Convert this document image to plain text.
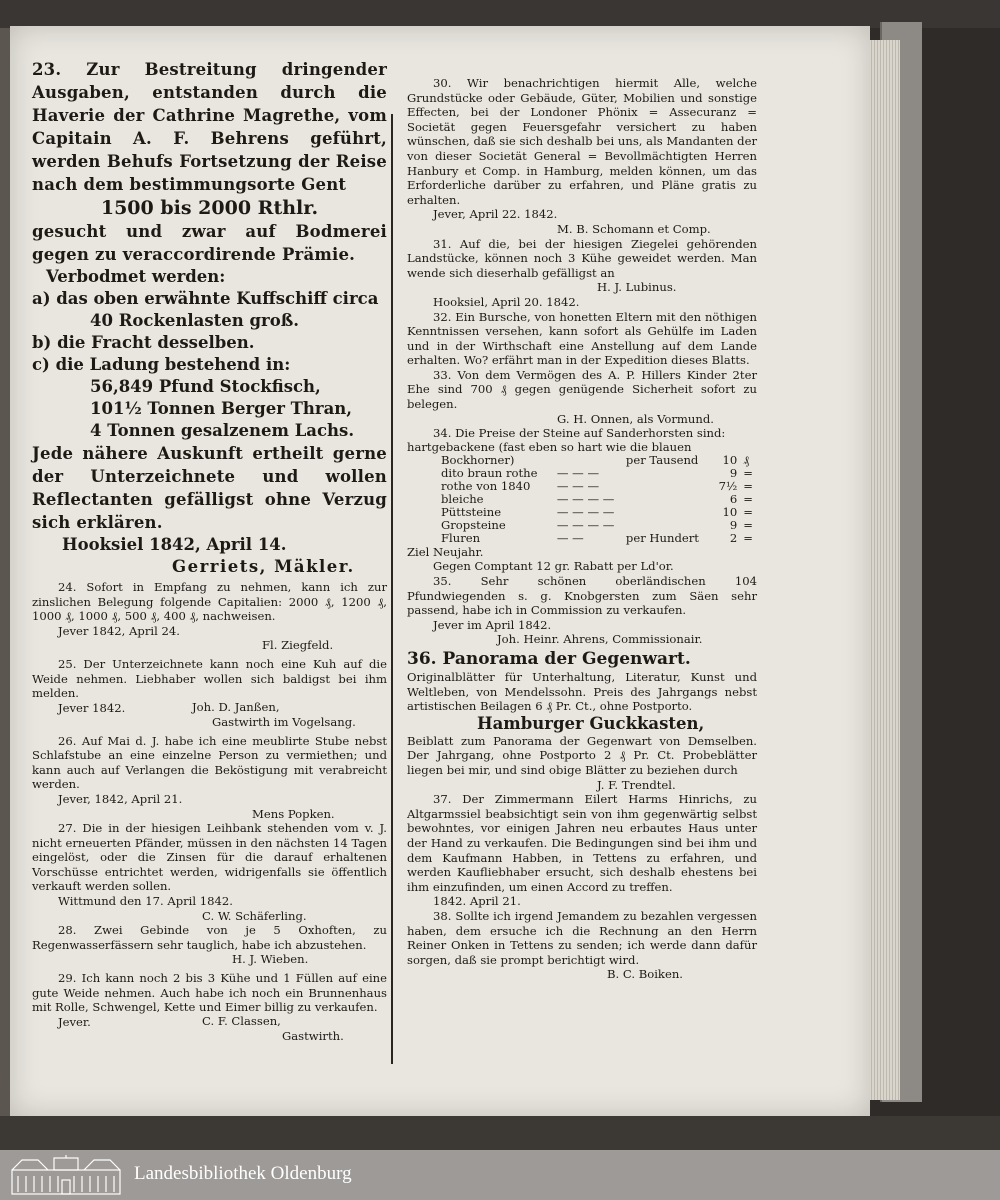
23. Zur Bestreitung dringender Ausgaben, entstanden durch die Haverie der Cathrine Magrethe, vom Capitain A. F. Behrens geführt, werden Behufs Fortsetzung der Reise nach dem bestimmungsorte Gent
1500 bis 2000 Rthlr.
gesucht und zwar auf Bodmerei gegen zu veraccordirende Prämie.
Verbodmet werden:
a) das oben erwähnte Kuffschiff circa
40 Rockenlasten groß.
b) die Fracht desselben.
c) die Ladung bestehend in:
56,849 Pfund Stockfisch,
101½ Tonnen Berger Thran,
4 Tonnen gesalzenem Lachs.
Jede nähere Auskunft ertheilt gerne der Unterzeichnete und wollen Reflectanten gefälligst ohne Verzug sich erklären.
Hooksiel 1842, April 14.
Gerriets, Mäkler.

24. Sofort in Empfang zu nehmen, kann ich zur zinslichen Belegung folgende Capitalien: 2000 ₰, 1200 ₰, 1000 ₰, 1000 ₰, 500 ₰, 400 ₰, nachweisen.

Jever 1842, April 24.

Fl. Ziegfeld.

25. Der Unterzeichnete kann noch eine Kuh auf die Weide nehmen. Liebhaber wollen sich baldigst bei ihm melden.

Jever 1842.	Joh. D. Janßen,

Gastwirth im Vogelsang.

26. Auf Mai d. J. habe ich eine meublirte Stube nebst Schlafstube an eine einzelne Person zu vermiethen; und kann auch auf Verlangen die Beköstigung mit verabreicht werden.

Jever, 1842, April 21.

Mens Popken.

27. Die in der hiesigen Leihbank stehenden vom v. J. nicht erneuerten Pfänder, müssen in den nächsten 14 Tagen eingelöst, oder die Zinsen für die darauf erhaltenen Vorschüsse entrichtet werden, widrigenfalls sie öffentlich verkauft werden sollen.

Wittmund den 17. April 1842.

C. W. Schäferling.

28. Zwei Gebinde von je 5 Oxhoften, zu Regenwasserfässern sehr tauglich, habe ich abzustehen.

H. J. Wieben.

29. Ich kann noch 2 bis 3 Kühe und 1 Füllen auf eine gute Weide nehmen. Auch habe ich noch ein Brunnenhaus mit Rolle, Schwengel, Kette und Eimer billig zu verkaufen.

Jever.	C. F. Classen,

Gastwirth.

30. Wir benachrichtigen hiermit Alle, welche Grundstücke oder Gebäude, Güter, Mobilien und sonstige Effecten, bei der Londoner Phönix = Assecuranz = Societät gegen Feuersgefahr versichert zu haben wünschen, daß sie sich deshalb bei uns, als Mandanten der von dieser Societät General = Bevollmächtigten Herren Hanbury et Comp. in Hamburg, melden können, um das Erforderliche darüber zu erfahren, und Pläne gratis zu erhalten.

Jever, April 22. 1842.

M. B. Schomann et Comp.

31. Auf die, bei der hiesigen Ziegelei gehörenden Landstücke, können noch 3 Kühe geweidet werden. Man wende sich dieserhalb gefälligst an

H. J. Lubinus.

Hooksiel, April 20. 1842.

32. Ein Bursche, von honetten Eltern mit den nöthigen Kenntnissen versehen, kann sofort als Gehülfe im Laden und in der Wirthschaft eine Anstellung auf dem Lande erhalten. Wo? erfährt man in der Expedition dieses Blatts.

33. Von dem Vermögen des A. P. Hillers Kinder 2ter Ehe sind 700 ₰ gegen genügende Sicherheit sofort zu belegen.

G. H. Onnen, als Vormund.

34. Die Preise der Steine auf Sanderhorsten sind:

hartgebackene (fast eben so hart wie die blauen
Bockhorner)		per Tausend	10	₰
dito braun rothe	— — —		9	=
rothe von 1840	— — —		7½	=
bleiche	— — — —		6	=
Püttsteine	— — — —		10	=
Gropsteine	— — — —		9	=
Fluren	— —	per Hundert	2	=

Ziel Neujahr.

Gegen Comptant 12 gr. Rabatt per Ld'or.

35. Sehr schönen oberländischen 104 Pfundwiegenden s. g. Knobgersten zum Säen sehr passend, habe ich in Commission zu verkaufen.

Jever im April 1842.

Joh. Heinr. Ahrens, Commissionair.

36. Panorama der Gegenwart.

Originalblätter für Unterhaltung, Literatur, Kunst und Weltleben, von Mendelssohn. Preis des Jahrgangs nebst artistischen Beilagen 6 ₰ Pr. Ct., ohne Postporto.

Hamburger Guckkasten,

Beiblatt zum Panorama der Gegenwart von Demselben. Der Jahrgang, ohne Postporto 2 ₰ Pr. Ct. Probeblätter liegen bei mir, und sind obige Blätter zu beziehen durch

J. F. Trendtel.

37. Der Zimmermann Eilert Harms Hinrichs, zu Altgarmssiel beabsichtigt sein von ihm gegenwärtig selbst bewohntes, vor einigen Jahren neu erbautes Haus unter der Hand zu verkaufen. Die Bedingungen sind bei ihm und dem Kaufmann Habben, in Tettens zu erfahren, und werden Kaufliebhaber ersucht, sich deshalb ehestens bei ihm einzufinden, um einen Accord zu treffen.

1842. April 21.

38. Sollte ich irgend Jemandem zu bezahlen vergessen haben, dem ersuche ich die Rechnung an den Herrn Reiner Onken in Tettens zu senden; ich werde dann dafür sorgen, daß sie prompt berichtigt wird.

B. C. Boiken.

Landesbibliothek Oldenburg
